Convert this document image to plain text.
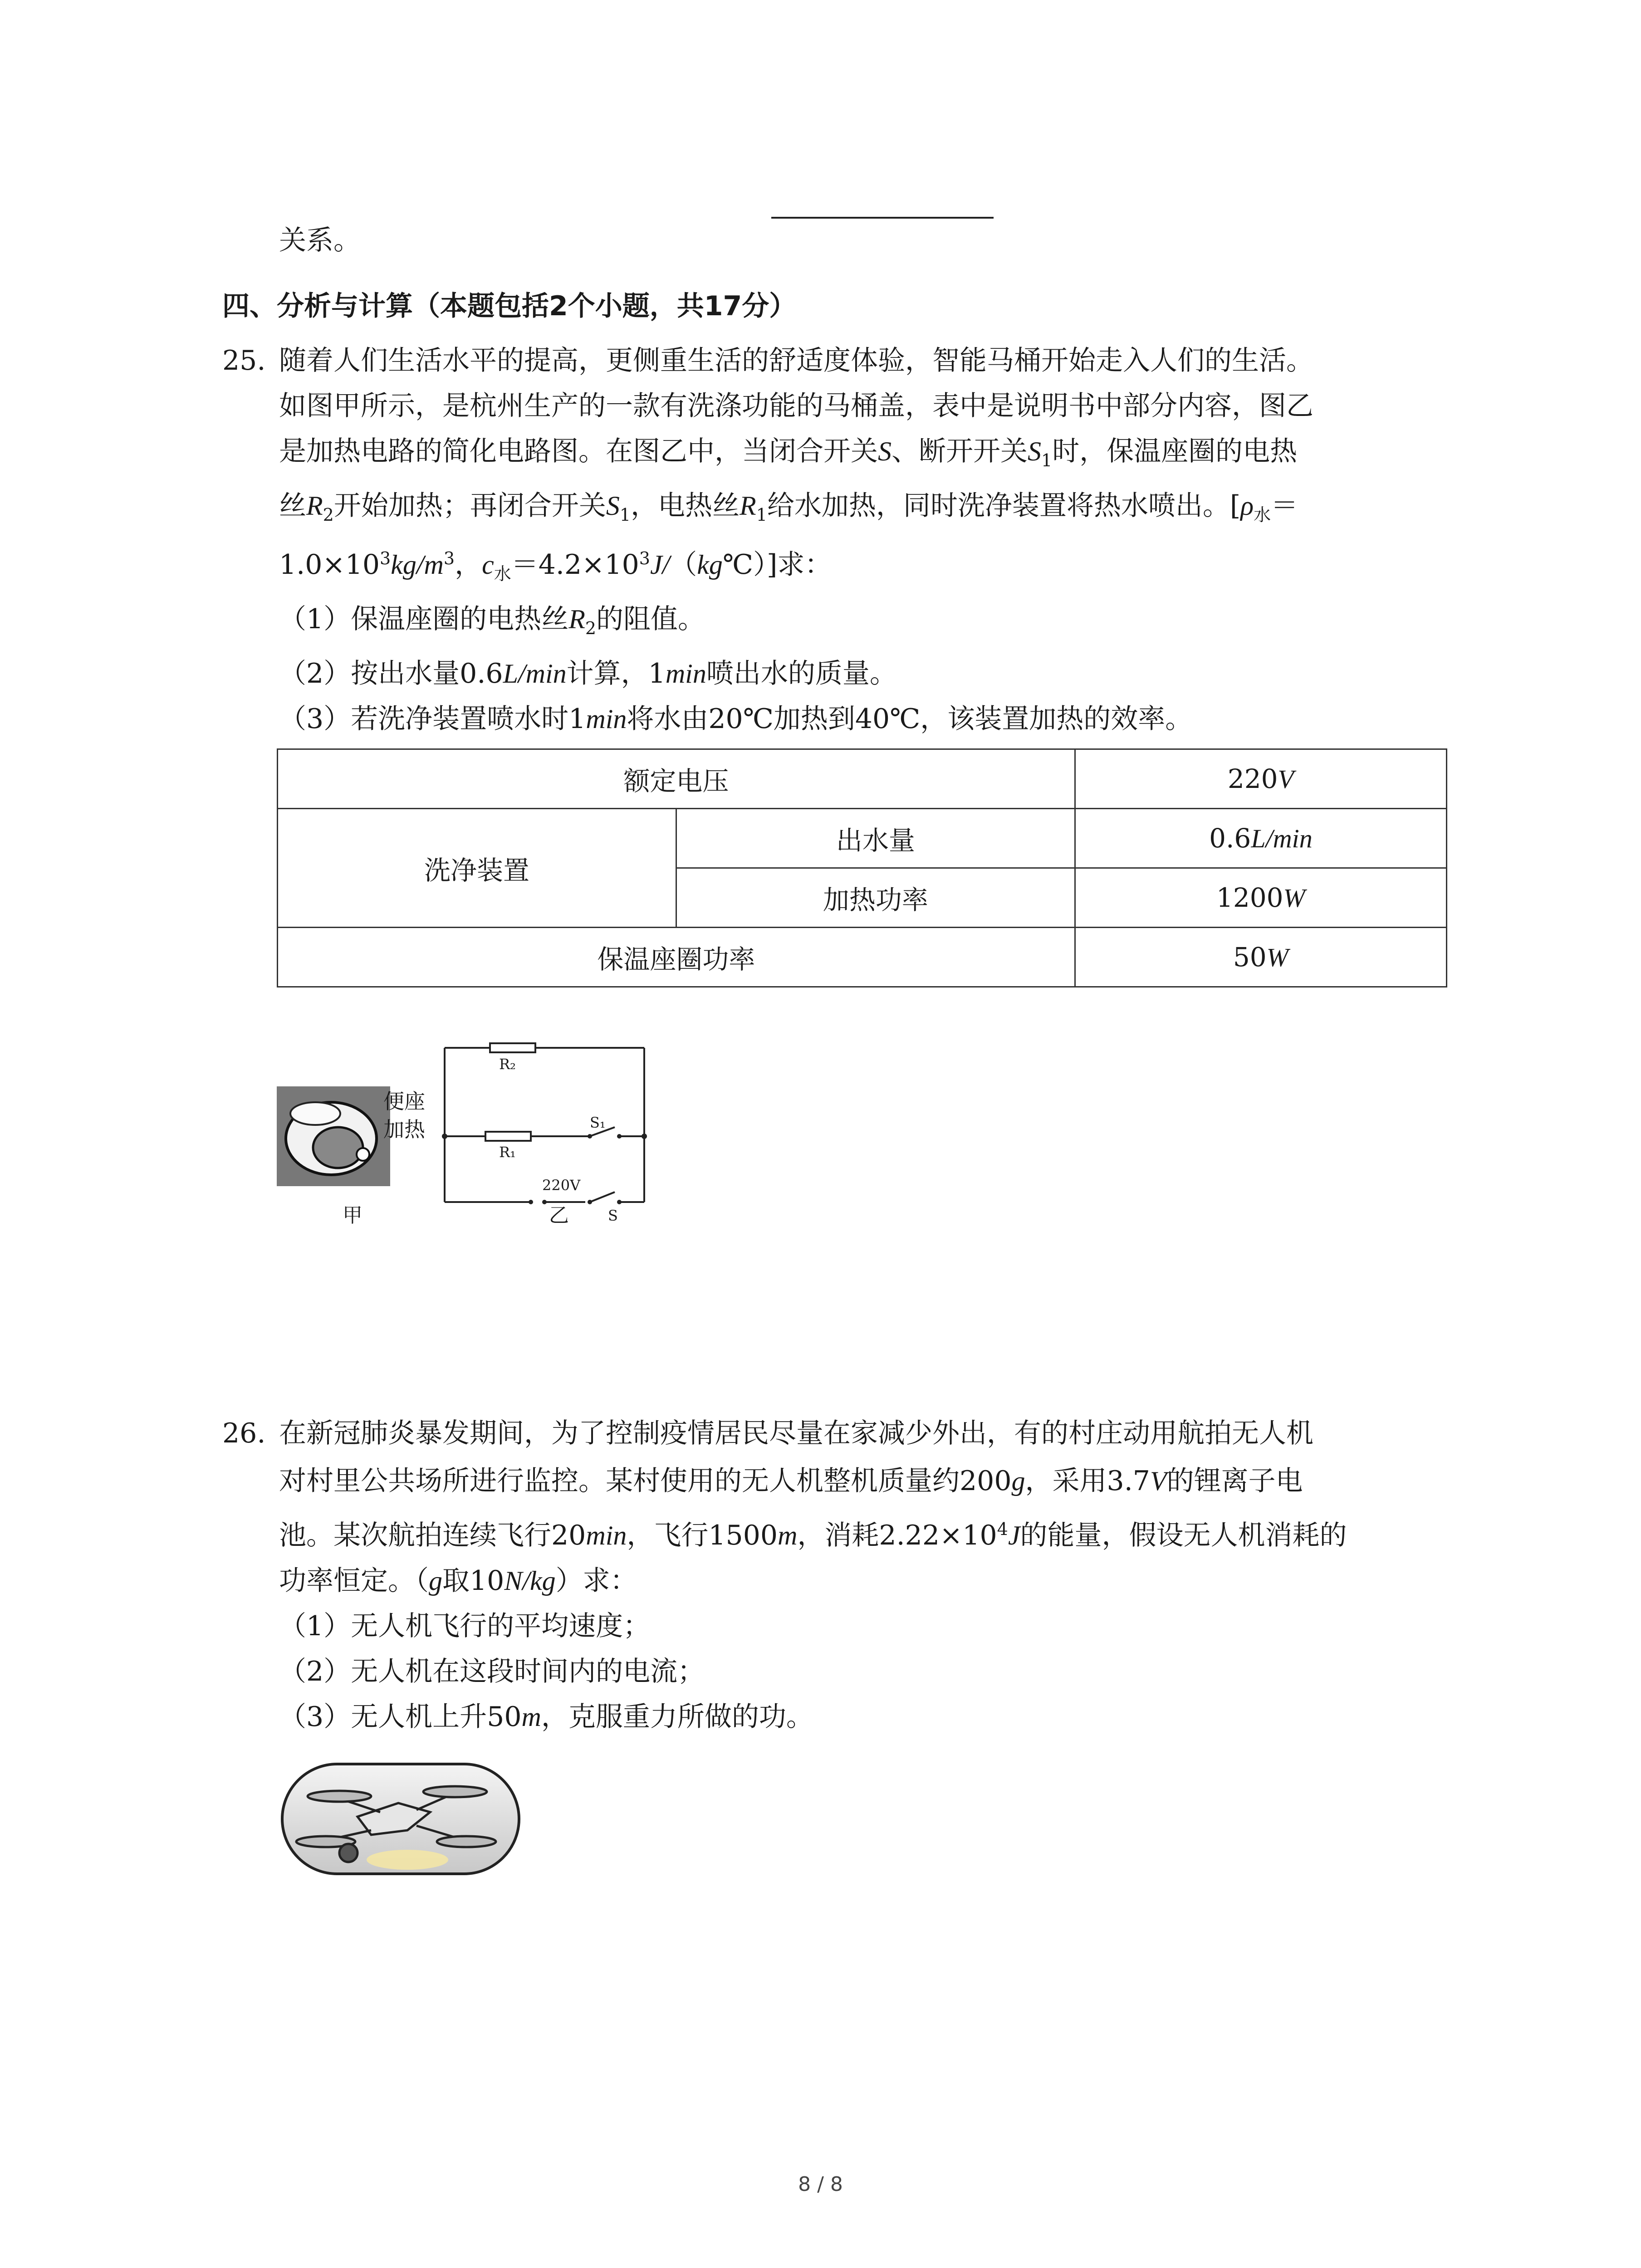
关系。
四、分析与计算（本题包括2个小题，共17分）
25. 随着人们生活水平的提高，更侧重生活的舒适度体验，智能马桶开始走入人们的生活。
如图甲所示，是杭州生产的一款有洗涤功能的马桶盖，表中是说明书中部分内容，图乙
是加热电路的简化电路图。在图乙中，当闭合开关S、断开开关$S_1$时，保温座圈的电热
丝$R_2$开始加热；再闭合开关$S_1$，电热丝$R_1$给水加热，同时洗净装置将热水喷出。[$\rho_水=$
$1.0\times 10^3kg/m^3$，$c_水=4.2\times 10^3J/(kg℃)$]求：
（1）保温座圈的电热丝$R_2$的阻值。
（2）按出水量0.6L/min计算，1min喷出水的质量。
（3）若洗净装置喷水时1min将水由20℃加热到40℃，该装置加热的效率。
额定电压		220V
洗净装置	出水量	0.6L/min
	加热功率	1200W
保温座圈功率		50W
便座
加热
甲
R₂
R₁
S₁
220V
乙	S
26. 在新冠肺炎暴发期间，为了控制疫情居民尽量在家减少外出，有的村庄动用航拍无人机
对村里公共场所进行监控。某村使用的无人机整机质量约200g，采用3.7V的锂离子电
池。某次航拍连续飞行20min，飞行1500m，消耗$2.22\times 10^4J$的能量，假设无人机消耗的
功率恒定。（g取10N/kg）求：
（1）无人机飞行的平均速度；
（2）无人机在这段时间内的电流；
（3）无人机上升50m，克服重力所做的功。
8 / 8
